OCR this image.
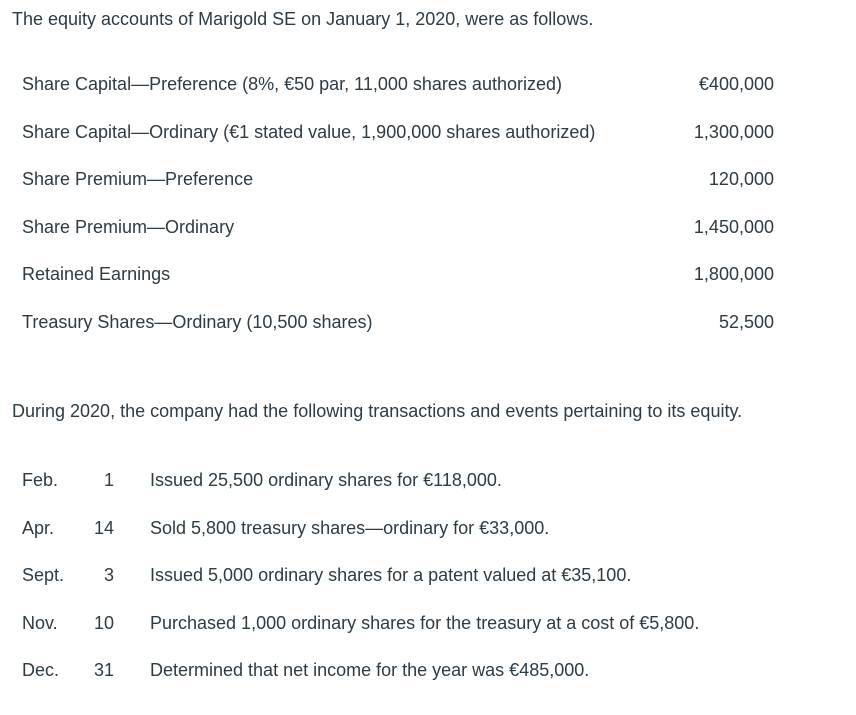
The equity accounts of Marigold SE on January 1, 2020, were as follows.
Share Capital—Preference (8%, €50 par, 11,000 shares authorized)	€400,000
Share Capital—Ordinary (€1 stated value, 1,900,000 shares authorized)	1,300,000
Share Premium—Preference	120,000
Share Premium—Ordinary	1,450,000
Retained Earnings	1,800,000
Treasury Shares—Ordinary (10,500 shares)	52,500
During 2020, the company had the following transactions and events pertaining to its equity.
Feb.	1	Issued 25,500 ordinary shares for €118,000.
Apr.	14	Sold 5,800 treasury shares—ordinary for €33,000.
Sept.	3	Issued 5,000 ordinary shares for a patent valued at €35,100.
Nov.	10	Purchased 1,000 ordinary shares for the treasury at a cost of €5,800.
Dec.	31	Determined that net income for the year was €485,000.
